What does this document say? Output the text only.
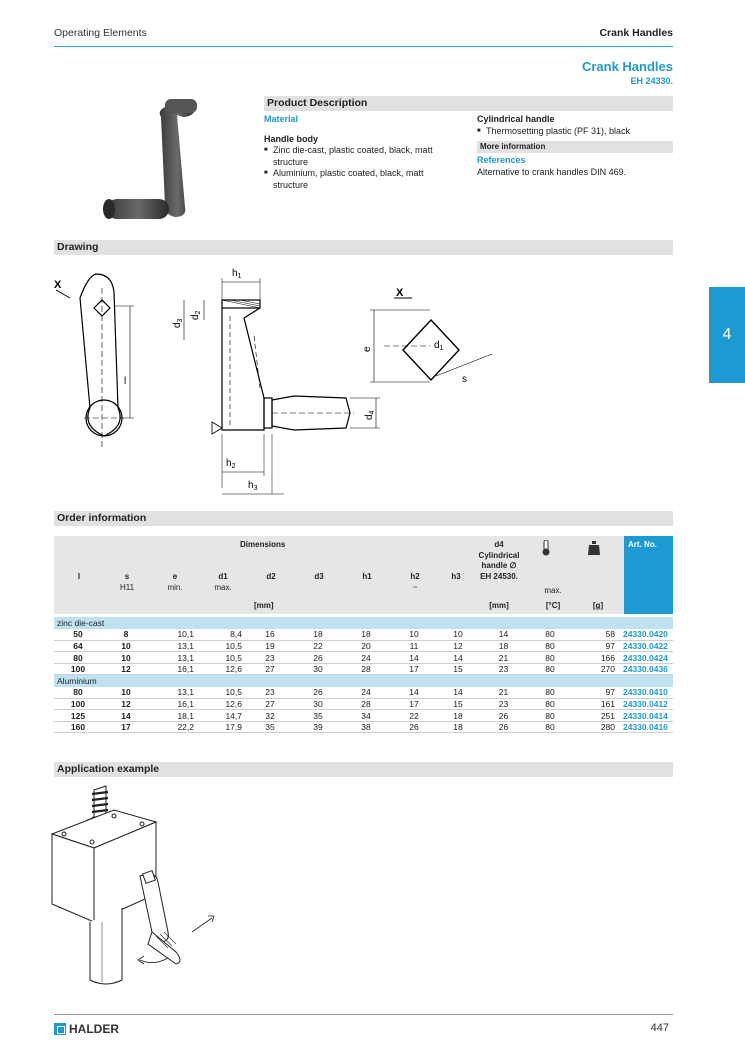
Operating Elements	Crank Handles
Crank Handles
EH 24330.
4
Product Description
Material
Handle body
■ Zinc die-cast, plastic coated, black, matt structure
■ Aluminium, plastic coated, black, matt structure
Cylindrical handle
■ Thermosetting plastic (PF 31), black
More information
References
Alternative to crank handles DIN 469.
Drawing
X
l
$h_1$
$d_3$
$d_2$
$h_2$
$h_3$
$d_4$
X
e
s
$d_1$
Order information
Dimensions	d4
Cylindrical handle ∅
Art. No.
l	s
H11
e
min.
d1
max.
d2	d3	h1	h2
~
h3	EH 24530.
max.
[mm]	[mm]	[°C]	[g]
zinc die-cast												
50	8	10,1	8,4	16	18	18	10	10	14	80	58	24330.0420
64	10	13,1	10,5	19	22	20	11	12	18	80	97	24330.0422
80	10	13,1	10,5	23	26	24	14	14	21	80	166	24330.0424
100	12	16,1	12,6	27	30	28	17	15	23	80	270	24330.0436
Aluminium												
80	10	13,1	10,5	23	26	24	14	14	21	80	97	24330.0410
100	12	16,1	12,6	27	30	28	17	15	23	80	161	24330.0412
125	14	18,1	14,7	32	35	34	22	18	26	80	251	24330.0414
160	17	22,2	17,9	35	39	38	26	18	26	80	280	24330.0416
Application example
HALDER	447
